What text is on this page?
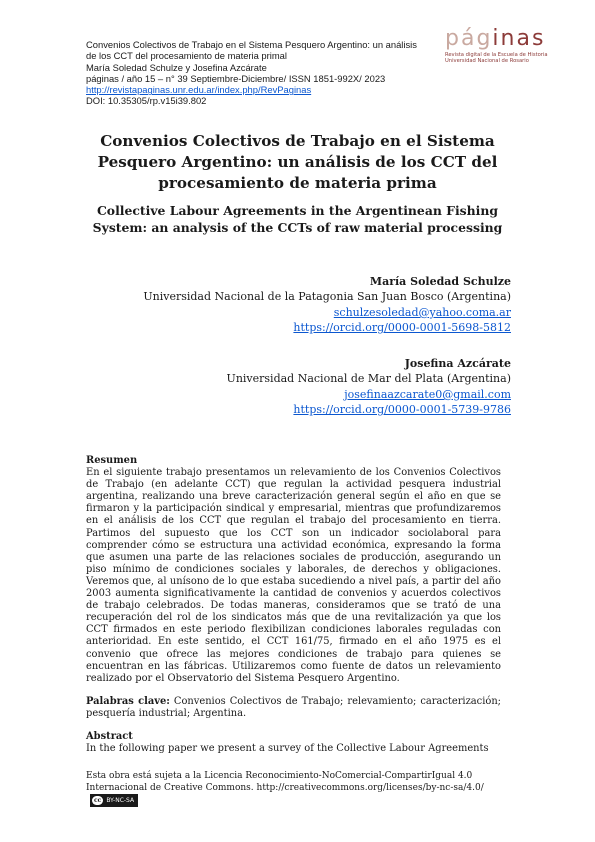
Convenios Colectivos de Trabajo en el Sistema Pesquero Argentino: un análisis
de los CCT del procesamiento de materia primal
María Soledad Schulze y Josefina Azcárate
páginas / año 15 – n° 39 Septiembre-Diciembre/ ISSN 1851-992X/ 2023
http://revistapaginas.unr.edu.ar/index.php/RevPaginas
DOI: 10.35305/rp.v15i39.802
páginas
Revista digital de la Escuela de Historia
Universidad Nacional de Rosario
Convenios Colectivos de Trabajo en el Sistema Pesquero Argentino: un análisis de los CCT del procesamiento de materia prima
Collective Labour Agreements in the Argentinean Fishing System: an analysis of the CCTs of raw material processing
María Soledad Schulze
Universidad Nacional de la Patagonia San Juan Bosco (Argentina)
schulzesoledad@yahoo.coma.ar
https://orcid.org/0000-0001-5698-5812
Josefina Azcárate
Universidad Nacional de Mar del Plata (Argentina)
josefinaazcarate0@gmail.com
https://orcid.org/0000-0001-5739-9786
Resumen

En el siguiente trabajo presentamos un relevamiento de los Convenios Colectivos de Trabajo (en adelante CCT) que regulan la actividad pesquera industrial argentina, realizando una breve caracterización general según el año en que se firmaron y la participación sindical y empresarial, mientras que profundizaremos en el análisis de los CCT que regulan el trabajo del procesamiento en tierra. Partimos del supuesto que los CCT son un indicador sociolaboral para comprender cómo se estructura una actividad económica, expresando la forma que asumen una parte de las relaciones sociales de producción, asegurando un piso mínimo de condiciones sociales y laborales, de derechos y obligaciones. Veremos que, al unísono de lo que estaba sucediendo a nivel país, a partir del año 2003 aumenta significativamente la cantidad de convenios y acuerdos colectivos de trabajo celebrados. De todas maneras, consideramos que se trató de una recuperación del rol de los sindicatos más que de una revitalización ya que los CCT firmados en este periodo flexibilizan condiciones laborales reguladas con anterioridad. En este sentido, el CCT 161/75, firmado en el año 1975 es el convenio que ofrece las mejores condiciones de trabajo para quienes se encuentran en las fábricas. Utilizaremos como fuente de datos un relevamiento realizado por el Observatorio del Sistema Pesquero Argentino.

Palabras clave: Convenios Colectivos de Trabajo; relevamiento; caracterización; pesquería industrial; Argentina.

Abstract

In the following paper we present a survey of the Collective Labour Agreements

Esta obra está sujeta a la Licencia Reconocimiento-NoComercial-CompartirIgual 4.0 Internacional de Creative Commons. http://creativecommons.org/licenses/by-nc-sa/4.0/
cc BY-NC-SA
